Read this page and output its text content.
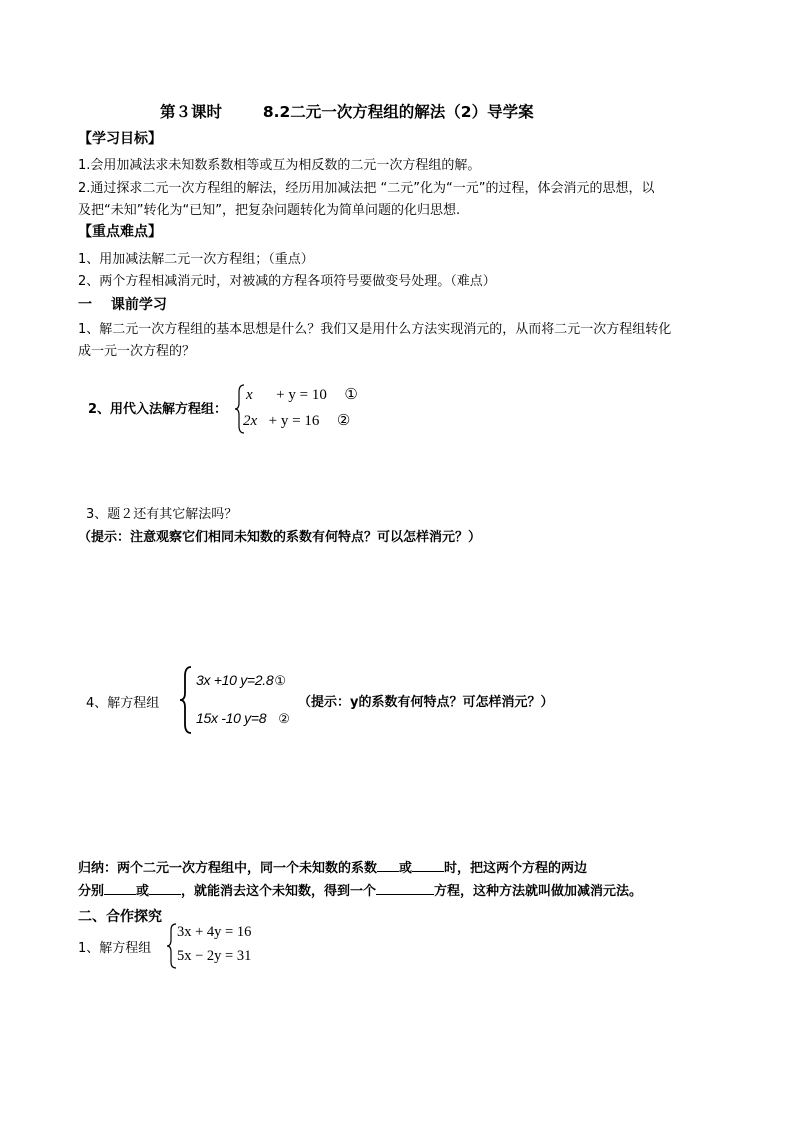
第３课时	8.2二元一次方程组的解法（2）导学案
【学习目标】
1.会用加减法求未知数系数相等或互为相反数的二元一次方程组的解。
2.通过探求二元一次方程组的解法，经历用加减法把 “二元”化为“一元”的过程，体会消元的思想，以
及把“未知”转化为“已知”，把复杂问题转化为简单问题的化归思想.
【重点难点】
1、用加减法解二元一次方程组；（重点）
2、两个方程相减消元时，对被减的方程各项符号要做变号处理。（难点）
一　 课前学习
1、解二元一次方程组的基本思想是什么？我们又是用什么方法实现消元的，从而将二元一次方程组转化
成一元一次方程的？
2、用代入法解方程组：
x + y = 10 ①
2x + y = 16 ②
3、题２还有其它解法吗？
（提示：注意观察它们相同未知数的系数有何特点？可以怎样消元？）
4、解方程组
3x +10 y=2.8①
15x -10 y=8 ②
（提示：y的系数有何特点？可怎样消元？）
归纳：两个二元一次方程组中，同一个未知数的系数 或 时，把这两个方程的两边
分别 或 ，就能消去这个未知数，得到一个	方程，这种方法就叫做加减消元法。
二、合作探究
1、解方程组
3x + 4y = 16
5x − 2y = 31
